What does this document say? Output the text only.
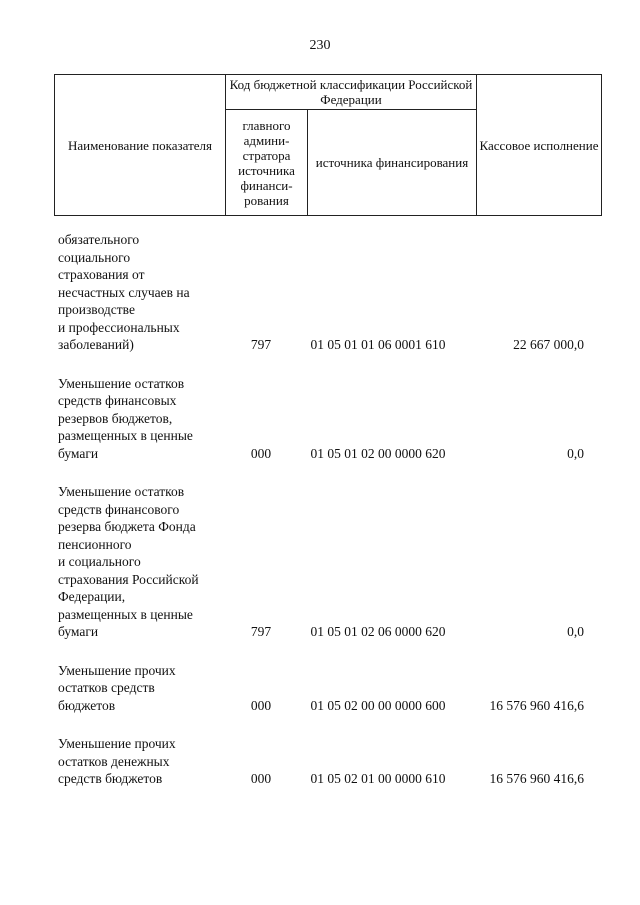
230
Наименование показателя	Код бюджетной классификации Российской Федерации		Кассовое исполнение
	главного админи-стратора источника финанси-рования	источника финансирования	
обязательного
социального
страхования от
несчастных случаев на
производстве
и профессиональных
заболеваний)	797	01 05 01 01 06 0001 610	22 667 000,0
Уменьшение остатков
средств финансовых
резервов бюджетов,
размещенных в ценные
бумаги	000	01 05 01 02 00 0000 620	0,0
Уменьшение остатков
средств финансового
резерва бюджета Фонда
пенсионного
и социального
страхования Российской
Федерации,
размещенных в ценные
бумаги	797	01 05 01 02 06 0000 620	0,0
Уменьшение прочих
остатков средств
бюджетов	000	01 05 02 00 00 0000 600	16 576 960 416,6
Уменьшение прочих
остатков денежных
средств бюджетов	000	01 05 02 01 00 0000 610	16 576 960 416,6
